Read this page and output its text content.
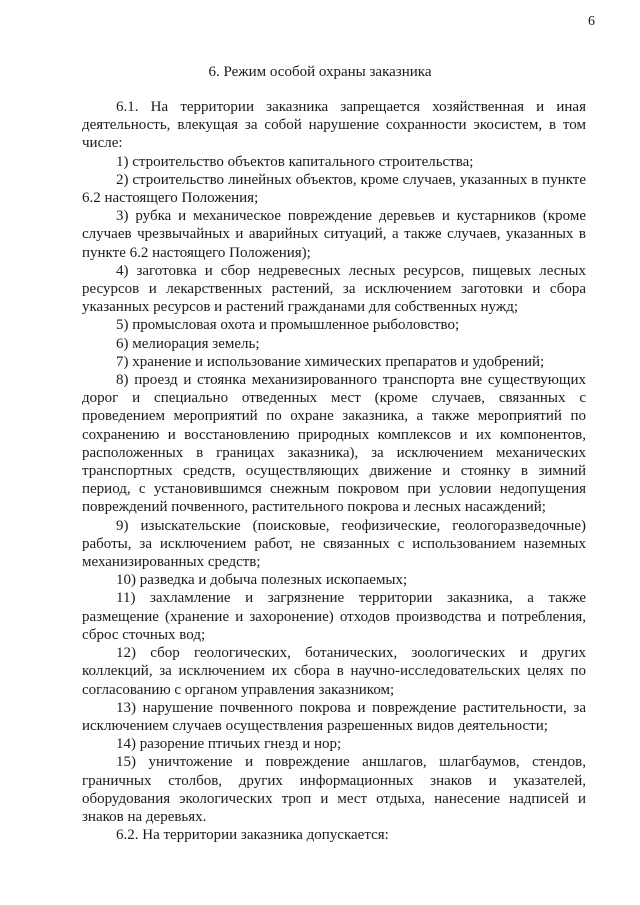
6
6. Режим особой охраны заказника

6.1. На территории заказника запрещается хозяйственная и иная деятельность, влекущая за собой нарушение сохранности экосистем, в том числе:

1) строительство объектов капитального строительства;

2) строительство линейных объектов, кроме случаев, указанных в пункте 6.2 настоящего Положения;

3) рубка и механическое повреждение деревьев и кустарников (кроме случаев чрезвычайных и аварийных ситуаций, а также случаев, указанных в пункте 6.2 настоящего Положения);

4) заготовка и сбор недревесных лесных ресурсов, пищевых лесных ресурсов и лекарственных растений, за исключением заготовки и сбора указанных ресурсов и растений гражданами для собственных нужд;

5) промысловая охота и промышленное рыболовство;

6) мелиорация земель;

7) хранение и использование химических препаратов и удобрений;

8) проезд и стоянка механизированного транспорта вне существующих дорог и специально отведенных мест (кроме случаев, связанных с проведением мероприятий по охране заказника, а также мероприятий по сохранению и восстановлению природных комплексов и их компонентов, расположенных в границах заказника), за исключением механических транспортных средств, осуществляющих движение и стоянку в зимний период, с установившимся снежным покровом при условии недопущения повреждений почвенного, растительного покрова и лесных насаждений;

9) изыскательские (поисковые, геофизические, геологоразведочные) работы, за исключением работ, не связанных с использованием наземных механизированных средств;

10) разведка и добыча полезных ископаемых;

11) захламление и загрязнение территории заказника, а также размещение (хранение и захоронение) отходов производства и потребления, сброс сточных вод;

12) сбор геологических, ботанических, зоологических и других коллекций, за исключением их сбора в научно-исследовательских целях по согласованию с органом управления заказником;

13) нарушение почвенного покрова и повреждение растительности, за исключением случаев осуществления разрешенных видов деятельности;

14) разорение птичьих гнезд и нор;

15) уничтожение и повреждение аншлагов, шлагбаумов, стендов, граничных столбов, других информационных знаков и указателей, оборудования экологических троп и мест отдыха, нанесение надписей и знаков на деревьях.

6.2. На территории заказника допускается:
